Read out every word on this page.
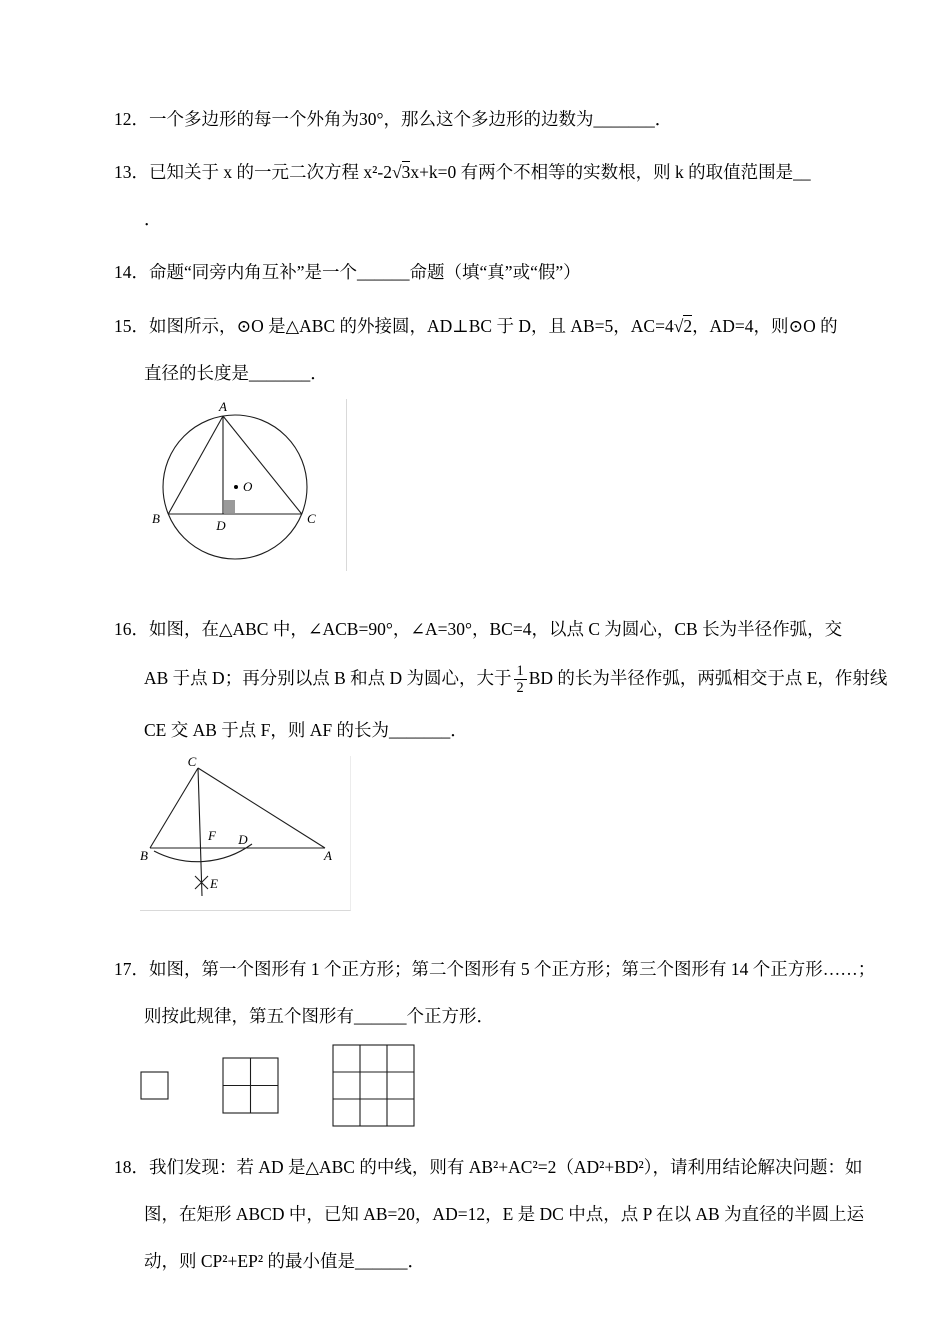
12．一个多边形的每一个外角为30°，那么这个多边形的边数为_______．
13．已知关于 x 的一元二次方程 x²-2√3x+k=0 有两个不相等的实数根，则 k 的取值范围是__
．
14．命题“同旁内角互补”是一个______命题（填“真”或“假”）
15．如图所示，⊙O 是△ABC 的外接圆，AD⊥BC 于 D，且 AB=5，AC=4√2，AD=4，则⊙O 的
直径的长度是_______．
A
B	C
D
O
16．如图，在△ABC 中，∠ACB=90°，∠A=30°，BC=4，以点 C 为圆心，CB 长为半径作弧，交
AB 于点 D；再分别以点 B 和点 D 为圆心，大于 $\frac{1}{2}$ BD 的长为半径作弧，两弧相交于点 E，作射线
CE 交 AB 于点 F，则 AF 的长为_______．
C
B	A
D
F
E
17．如图，第一个图形有 1 个正方形；第二个图形有 5 个正方形；第三个图形有 14 个正方形……；
则按此规律，第五个图形有______个正方形．
18．我们发现：若 AD 是△ABC 的中线，则有 AB²+AC²=2（AD²+BD²），请利用结论解决问题：如
图，在矩形 ABCD 中，已知 AB=20，AD=12，E 是 DC 中点，点 P 在以 AB 为直径的半圆上运
动，则 CP²+EP² 的最小值是______．
